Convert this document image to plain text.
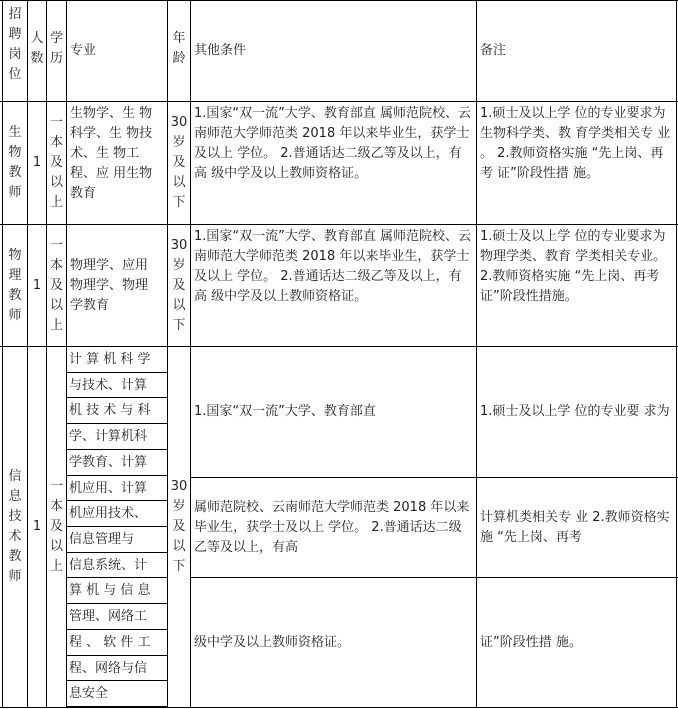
招聘岗位
人数
学历
专业
年龄
其他条件	备注
生物教师
1
一本及以上
生物学、生 物科学、生 物技术、生 物工程、应 用生物教育
30岁及以下
1.国家“双一流”大学、教育部直 属师范院校、云南师范大学师范类 2018 年以来毕业生，获学士及以上 学位。 2.普通话达二级乙等及以上，有高 级中学及以上教师资格证。
1.硕士及以上学 位的专业要求为 生物科学类、教 育学类相关专 业 。 2.教师资格实施 “先上岗、再考 证”阶段性措 施。
物理教师
1
一本及以上
物理学、应用 物理学、物理 学教育
30岁及以下
1.国家“双一流”大学、教育部直 属师范院校、云南师范大学师范类 2018 年以来毕业生，获学士及以上 学位。 2.普通话达二级乙等及以上，有高 级中学及以上教师资格证。
1.硕士及以上学 位的专业要求为 物理学类、教育 学类相关专业。 2.教师资格实施 “先上岗、再考 证”阶段性措施。
信息技术教师
1
一本及以上
计 算 机 科 学
与技术、计算
机 技 术 与 科
学、计算机科
学教育、计算
机应用、计算
机应用技术、
信息管理与
信息系统、计
算 机 与 信 息
管理、网络工
程 、 软 件 工
程、网络与信
息安全
30岁及以下
1.国家“双一流”大学、教育部直
属师范院校、云南师范大学师范类 2018 年以来毕业生，获学士及以上 学位。 2.普通话达二级乙等及以上，有高
级中学及以上教师资格证。
1.硕士及以上学 位的专业要 求为
计算机类相关专 业 2.教师资格实施 “先上岗、再考
证”阶段性措 施。
